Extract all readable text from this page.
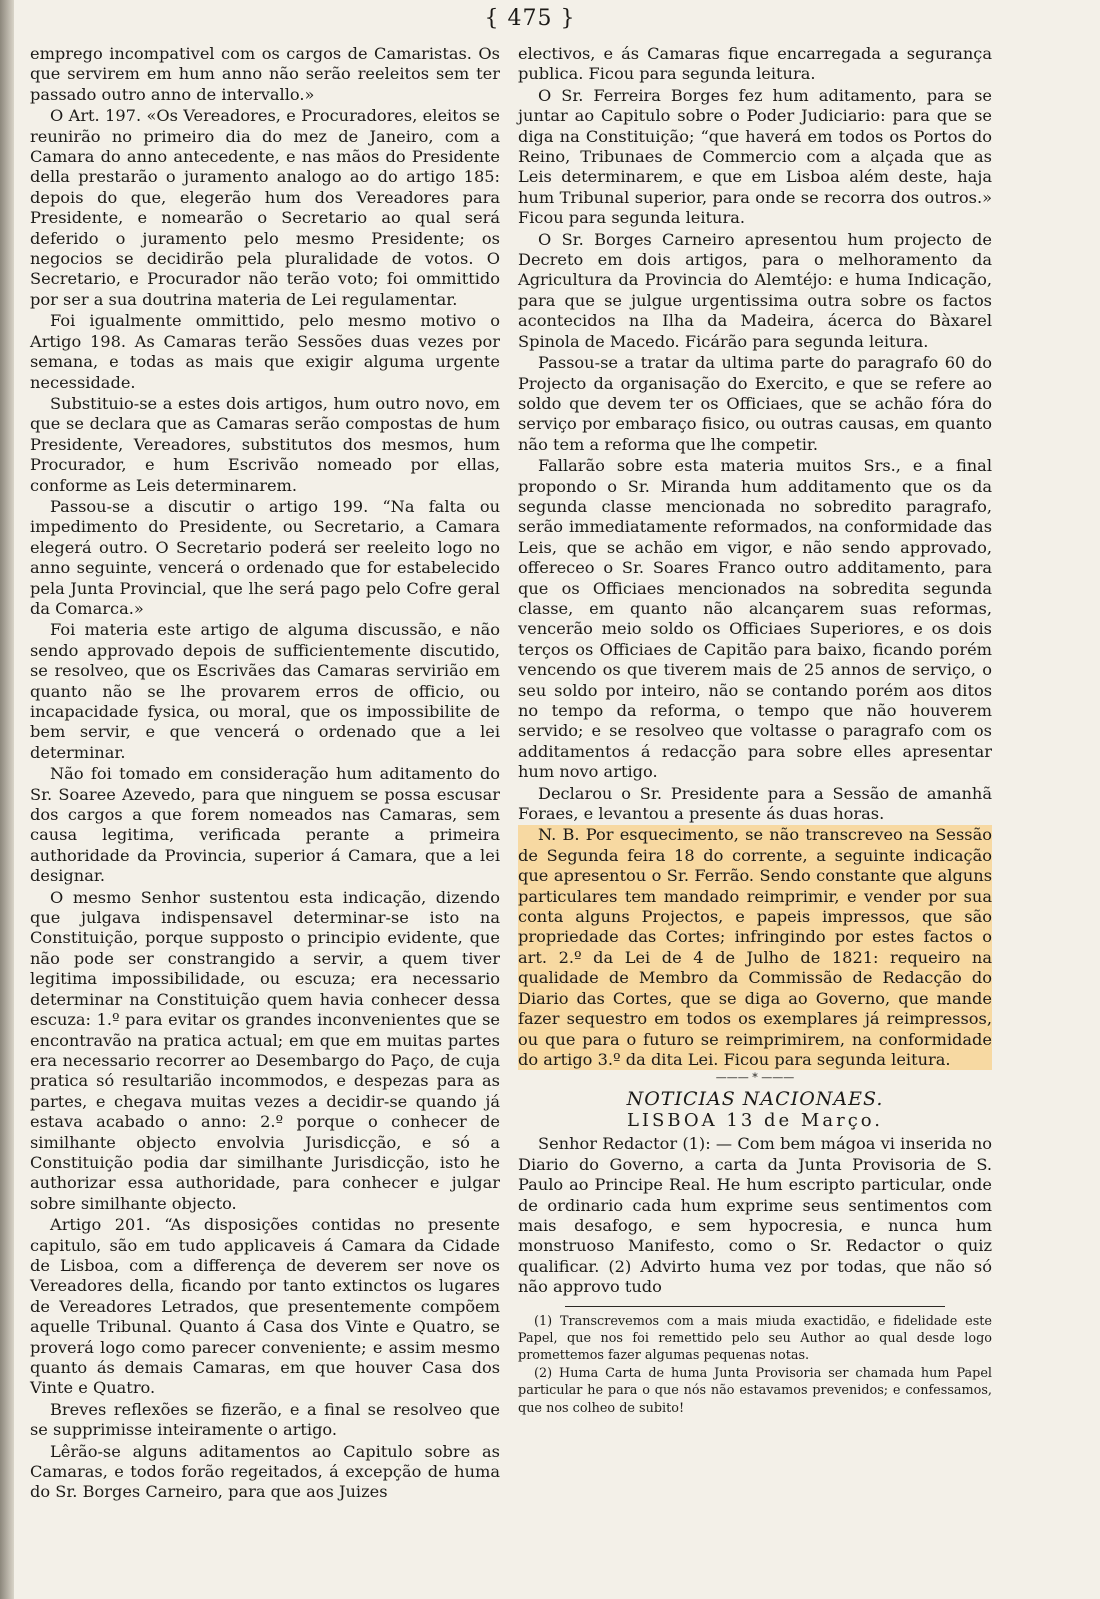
{ 475 }

emprego incompativel com os cargos de Camaristas. Os que servirem em hum anno não serão reeleitos sem ter passado outro anno de intervallo.»

O Art. 197. «Os Vereadores, e Procuradores, eleitos se reunirão no primeiro dia do mez de Janeiro, com a Camara do anno antecedente, e nas mãos do Presidente della prestarão o juramento analogo ao do artigo 185: depois do que, elegerão hum dos Vereadores para Presidente, e nomearão o Secretario ao qual será deferido o juramento pelo mesmo Presidente; os negocios se decidirão pela pluralidade de votos. O Secretario, e Procurador não terão voto; foi ommittido por ser a sua doutrina materia de Lei regulamentar.

Foi igualmente ommittido, pelo mesmo motivo o Artigo 198. As Camaras terão Sessões duas vezes por semana, e todas as mais que exigir alguma urgente necessidade.

Substituio-se a estes dois artigos, hum outro novo, em que se declara que as Camaras serão compostas de hum Presidente, Vereadores, substitutos dos mesmos, hum Procurador, e hum Escrivão nomeado por ellas, conforme as Leis determinarem.

Passou-se a discutir o artigo 199. “Na falta ou impedimento do Presidente, ou Secretario, a Camara elegerá outro. O Secretario poderá ser reeleito logo no anno seguinte, vencerá o ordenado que for estabelecido pela Junta Provincial, que lhe será pago pelo Cofre geral da Comarca.»

Foi materia este artigo de alguma discussão, e não sendo approvado depois de sufficientemente discutido, se resolveo, que os Escrivães das Camaras servirião em quanto não se lhe provarem erros de officio, ou incapacidade fysica, ou moral, que os impossibilite de bem servir, e que vencerá o ordenado que a lei determinar.

Não foi tomado em consideração hum aditamento do Sr. Soaree Azevedo, para que ninguem se possa escusar dos cargos a que forem nomeados nas Camaras, sem causa legitima, verificada perante a primeira authoridade da Provincia, superior á Camara, que a lei designar.

O mesmo Senhor sustentou esta indicação, dizendo que julgava indispensavel determinar-se isto na Constituição, porque supposto o principio evidente, que não pode ser constrangido a servir, a quem tiver legitima impossibilidade, ou escuza; era necessario determinar na Constituição quem havia conhecer dessa escuza: 1.º para evitar os grandes inconvenientes que se encontravão na pratica actual; em que em muitas partes era necessario recorrer ao Desembargo do Paço, de cuja pratica só resultarião incommodos, e despezas para as partes, e chegava muitas vezes a decidir-se quando já estava acabado o anno: 2.º porque o conhecer de similhante objecto envolvia Jurisdicção, e só a Constituição podia dar similhante Jurisdicção, isto he authorizar essa authoridade, para conhecer e julgar sobre similhante objecto.

Artigo 201. “As disposições contidas no presente capitulo, são em tudo applicaveis á Camara da Cidade de Lisboa, com a differença de deverem ser nove os Vereadores della, ficando por tanto extinctos os lugares de Vereadores Letrados, que presentemente compõem aquelle Tribunal. Quanto á Casa dos Vinte e Quatro, se proverá logo como parecer conveniente; e assim mesmo quanto ás demais Camaras, em que houver Casa dos Vinte e Quatro.

Breves reflexões se fizerão, e a final se resolveo que se supprimisse inteiramente o artigo.

Lêrão-se alguns aditamentos ao Capitulo sobre as Camaras, e todos forão regeitados, á excepção de huma do Sr. Borges Carneiro, para que aos Juizes

electivos, e ás Camaras fique encarregada a segurança publica. Ficou para segunda leitura.

O Sr. Ferreira Borges fez hum aditamento, para se juntar ao Capitulo sobre o Poder Judiciario: para que se diga na Constituição; “que haverá em todos os Portos do Reino, Tribunaes de Commercio com a alçada que as Leis determinarem, e que em Lisboa além deste, haja hum Tribunal superior, para onde se recorra dos outros.» Ficou para segunda leitura.

O Sr. Borges Carneiro apresentou hum projecto de Decreto em dois artigos, para o melhoramento da Agricultura da Provincia do Alemtéjo: e huma Indicação, para que se julgue urgentissima outra sobre os factos acontecidos na Ilha da Madeira, ácerca do Bàxarel Spinola de Macedo. Ficárão para segunda leitura.

Passou-se a tratar da ultima parte do paragrafo 60 do Projecto da organisação do Exercito, e que se refere ao soldo que devem ter os Officiaes, que se achão fóra do serviço por embaraço fisico, ou outras causas, em quanto não tem a reforma que lhe competir.

Fallarão sobre esta materia muitos Srs., e a final propondo o Sr. Miranda hum additamento que os da segunda classe mencionada no sobredito paragrafo, serão immediatamente reformados, na conformidade das Leis, que se achão em vigor, e não sendo approvado, offereceo o Sr. Soares Franco outro additamento, para que os Officiaes mencionados na sobredita segunda classe, em quanto não alcançarem suas reformas, vencerão meio soldo os Officiaes Superiores, e os dois terços os Officiaes de Capitão para baixo, ficando porém vencendo os que tiverem mais de 25 annos de serviço, o seu soldo por inteiro, não se contando porém aos ditos no tempo da reforma, o tempo que não houverem servido; e se resolveo que voltasse o paragrafo com os additamentos á redacção para sobre elles apresentar hum novo artigo.

Declarou o Sr. Presidente para a Sessão de amanhã Foraes, e levantou a presente ás duas horas.

N. B. Por esquecimento, se não transcreveo na Sessão de Segunda feira 18 do corrente, a seguinte indicação que apresentou o Sr. Ferrão. Sendo constante que alguns particulares tem mandado reimprimir, e vender por sua conta alguns Projectos, e papeis impressos, que são propriedade das Cortes; infringindo por estes factos o art. 2.º da Lei de 4 de Julho de 1821: requeiro na qualidade de Membro da Commissão de Redacção do Diario das Cortes, que se diga ao Governo, que mande fazer sequestro em todos os exemplares já reimpressos, ou que para o futuro se reimprimirem, na conformidade do artigo 3.º da dita Lei. Ficou para segunda leitura.

——— * ———
NOTICIAS NACIONAES.
LISBOA 13 de Março.

Senhor Redactor (1): — Com bem mágoa vi inserida no Diario do Governo, a carta da Junta Provisoria de S. Paulo ao Principe Real. He hum escripto particular, onde de ordinario cada hum exprime seus sentimentos com mais desafogo, e sem hypocresia, e nunca hum monstruoso Manifesto, como o Sr. Redactor o quiz qualificar. (2) Advirto huma vez por todas, que não só não approvo tudo

(1) Transcrevemos com a mais miuda exactidão, e fidelidade este Papel, que nos foi remettido pelo seu Author ao qual desde logo promettemos fazer algumas pequenas notas.

(2) Huma Carta de huma Junta Provisoria ser chamada hum Papel particular he para o que nós não estavamos prevenidos; e confessamos, que nos colheo de subito!
